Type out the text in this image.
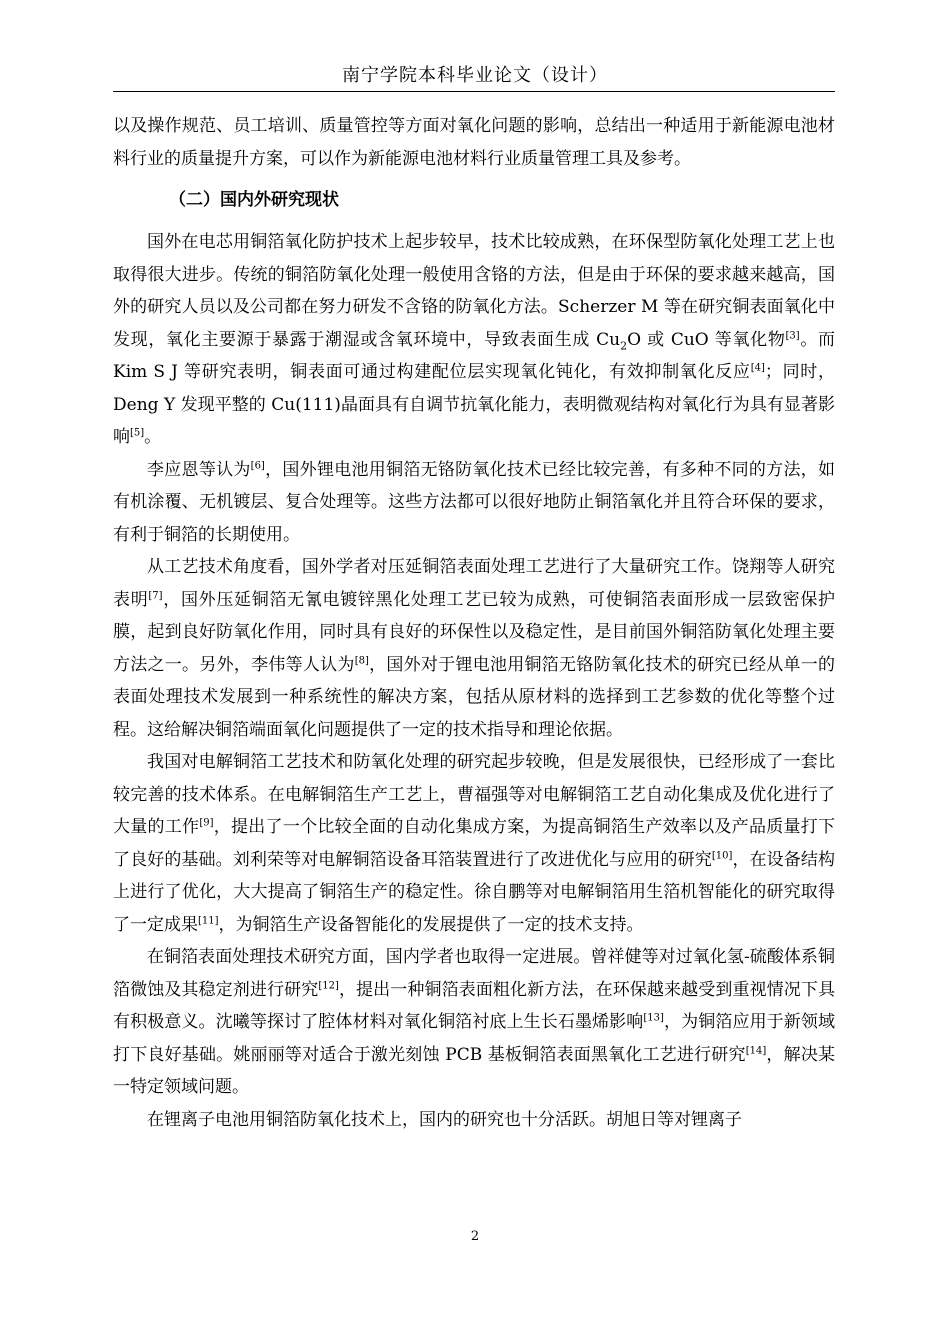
南宁学院本科毕业论文（设计）

以及操作规范、员工培训、质量管控等方面对氧化问题的影响，总结出一种适用于新能源电池材料行业的质量提升方案，可以作为新能源电池材料行业质量管理工具及参考。

（二）国内外研究现状

国外在电芯用铜箔氧化防护技术上起步较早，技术比较成熟，在环保型防氧化处理工艺上也取得很大进步。传统的铜箔防氧化处理一般使用含铬的方法，但是由于环保的要求越来越高，国外的研究人员以及公司都在努力研发不含铬的防氧化方法。Scherzer M 等在研究铜表面氧化中发现，氧化主要源于暴露于潮湿或含氧环境中，导致表面生成 $Cu_2O$ 或 CuO 等氧化物[3]。而 Kim S J 等研究表明，铜表面可通过构建配位层实现氧化钝化，有效抑制氧化反应[4]；同时，Deng Y 发现平整的 Cu(111)晶面具有自调节抗氧化能力，表明微观结构对氧化行为具有显著影响[5]。

李应恩等认为[6]，国外锂电池用铜箔无铬防氧化技术已经比较完善，有多种不同的方法，如有机涂覆、无机镀层、复合处理等。这些方法都可以很好地防止铜箔氧化并且符合环保的要求，有利于铜箔的长期使用。

从工艺技术角度看，国外学者对压延铜箔表面处理工艺进行了大量研究工作。饶翔等人研究表明[7]，国外压延铜箔无氰电镀锌黑化处理工艺已较为成熟，可使铜箔表面形成一层致密保护膜，起到良好防氧化作用，同时具有良好的环保性以及稳定性，是目前国外铜箔防氧化处理主要方法之一。另外，李伟等人认为[8]，国外对于锂电池用铜箔无铬防氧化技术的研究已经从单一的表面处理技术发展到一种系统性的解决方案，包括从原材料的选择到工艺参数的优化等整个过程。这给解决铜箔端面氧化问题提供了一定的技术指导和理论依据。

我国对电解铜箔工艺技术和防氧化处理的研究起步较晚，但是发展很快，已经形成了一套比较完善的技术体系。在电解铜箔生产工艺上，曹福强等对电解铜箔工艺自动化集成及优化进行了大量的工作[9]，提出了一个比较全面的自动化集成方案，为提高铜箔生产效率以及产品质量打下了良好的基础。刘利荣等对电解铜箔设备耳箔装置进行了改进优化与应用的研究[10]，在设备结构上进行了优化，大大提高了铜箔生产的稳定性。徐自鹏等对电解铜箔用生箔机智能化的研究取得了一定成果[11]，为铜箔生产设备智能化的发展提供了一定的技术支持。

在铜箔表面处理技术研究方面，国内学者也取得一定进展。曾祥健等对过氧化氢-硫酸体系铜箔微蚀及其稳定剂进行研究[12]，提出一种铜箔表面粗化新方法，在环保越来越受到重视情况下具有积极意义。沈曦等探讨了腔体材料对氧化铜箔衬底上生长石墨烯影响[13]，为铜箔应用于新领域打下良好基础。姚丽丽等对适合于激光刻蚀 PCB 基板铜箔表面黑氧化工艺进行研究[14]，解决某一特定领域问题。

在锂离子电池用铜箔防氧化技术上，国内的研究也十分活跃。胡旭日等对锂离子

2
